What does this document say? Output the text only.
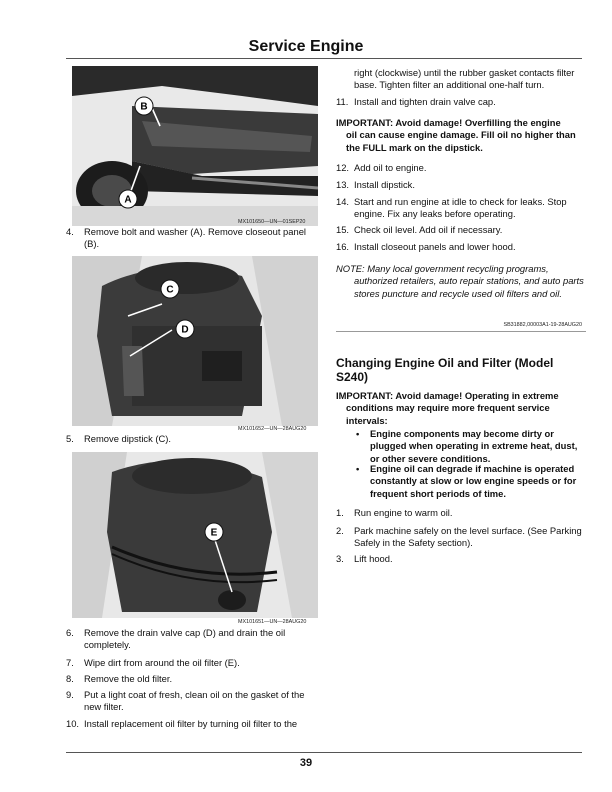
Service Engine
A
B
MX101650—UN—01SEP20
4.	Remove bolt and washer (A). Remove closeout panel (B).
C
D
MX101652—UN—28AUG20
5.	Remove dipstick (C).
E
MX101651—UN—28AUG20
6.	Remove the drain valve cap (D) and drain the oil completely.
7.	Wipe dirt from around the oil filter (E).
8.	Remove the old filter.
9.	Put a light coat of fresh, clean oil on the gasket of the new filter.
10. Install replacement oil filter by turning oil filter to the
right (clockwise) until the rubber gasket contacts filter base. Tighten filter an additional one-half turn.
11. Install and tighten drain valve cap.
IMPORTANT: Avoid damage! Overfilling the engine
oil can cause engine damage. Fill oil no higher than the FULL mark on the dipstick.
12. Add oil to engine.
13. Install dipstick.
14. Start and run engine at idle to check for leaks. Stop engine. Fix any leaks before operating.
15. Check oil level. Add oil if necessary.
16. Install closeout panels and lower hood.
NOTE: Many local government recycling programs,
authorized retailers, auto repair stations, and auto parts stores puncture and recycle used oil filters and oil.
SB31882,00003A1-19-28AUG20
Changing Engine Oil and Filter (Model S240)
IMPORTANT: Avoid damage! Operating in extreme
conditions may require more frequent service intervals:
•	Engine components may become dirty or plugged when operating in extreme heat, dust, or other severe conditions.
•	Engine oil can degrade if machine is operated constantly at slow or low engine speeds or for frequent short periods of time.
1.	Run engine to warm oil.
2.	Park machine safely on the level surface. (See Parking Safely in the Safety section).
3.	Lift hood.
39
